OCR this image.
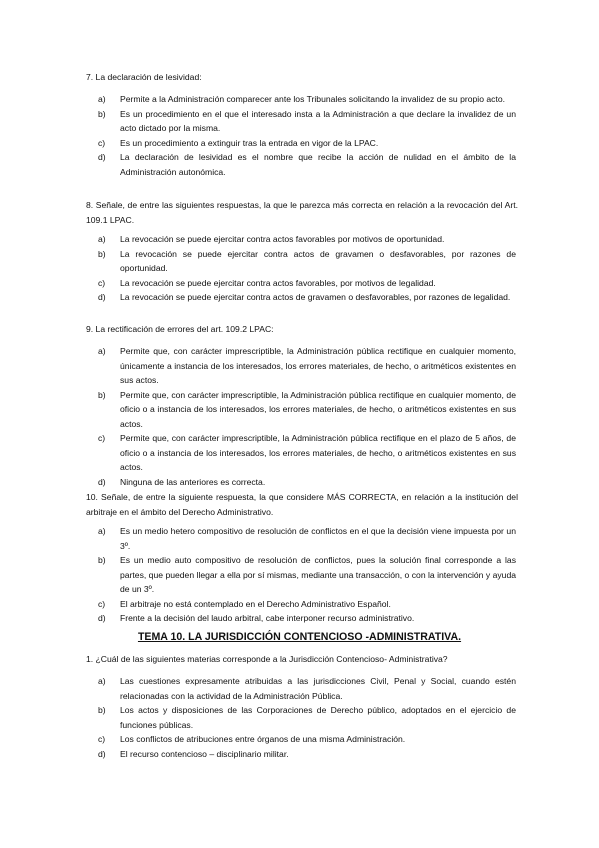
7. La declaración de lesividad:
a)	Permite a la Administración comparecer ante los Tribunales solicitando la invalidez de su propio acto.
b)	Es un procedimiento en el que el interesado insta a la Administración a que declare la invalidez de un acto dictado por la misma.
c)	Es un procedimiento a extinguir tras la entrada en vigor de la LPAC.
d)	La declaración de lesividad es el nombre que recibe la acción de nulidad en el ámbito de la Administración autonómica.
8. Señale, de entre las siguientes respuestas, la que le parezca más correcta en relación a la revocación del Art. 109.1 LPAC.
a)	La revocación se puede ejercitar contra actos favorables por motivos de oportunidad.
b)	La revocación se puede ejercitar contra actos de gravamen o desfavorables, por razones de oportunidad.
c)	La revocación se puede ejercitar contra actos favorables, por motivos de legalidad.
d)	La revocación se puede ejercitar contra actos de gravamen o desfavorables, por razones de legalidad.
9. La rectificación de errores del art. 109.2 LPAC:
a)	Permite que, con carácter imprescriptible, la Administración pública rectifique en cualquier momento, únicamente a instancia de los interesados, los errores materiales, de hecho, o aritméticos existentes en sus actos.
b)	Permite que, con carácter imprescriptible, la Administración pública rectifique en cualquier momento, de oficio o a instancia de los interesados, los errores materiales, de hecho, o aritméticos existentes en sus actos.
c)	Permite que, con carácter imprescriptible, la Administración pública rectifique en el plazo de 5 años, de oficio o a instancia de los interesados, los errores materiales, de hecho, o aritméticos existentes en sus actos.
d)	Ninguna de las anteriores es correcta.
10. Señale, de entre la siguiente respuesta, la que considere MÁS CORRECTA, en relación a la institución del arbitraje en el ámbito del Derecho Administrativo.
a)	Es un medio hetero compositivo de resolución de conflictos en el que la decisión viene impuesta por un 3º.
b)	Es un medio auto compositivo de resolución de conflictos, pues la solución final corresponde a las partes, que pueden llegar a ella por sí mismas, mediante una transacción, o con la intervención y ayuda de un 3º.
c)	El arbitraje no está contemplado en el Derecho Administrativo Español.
d)	Frente a la decisión del laudo arbitral, cabe interponer recurso administrativo.
TEMA 10. LA JURISDICCIÓN CONTENCIOSO -ADMINISTRATIVA.
1. ¿Cuál de las siguientes materias corresponde a la Jurisdicción Contencioso- Administrativa?
a)	Las cuestiones expresamente atribuidas a las jurisdicciones Civil, Penal y Social, cuando estén relacionadas con la actividad de la Administración Pública.
b)	Los actos y disposiciones de las Corporaciones de Derecho público, adoptados en el ejercicio de funciones públicas.
c)	Los conflictos de atribuciones entre órganos de una misma Administración.
d)	El recurso contencioso – disciplinario militar.
